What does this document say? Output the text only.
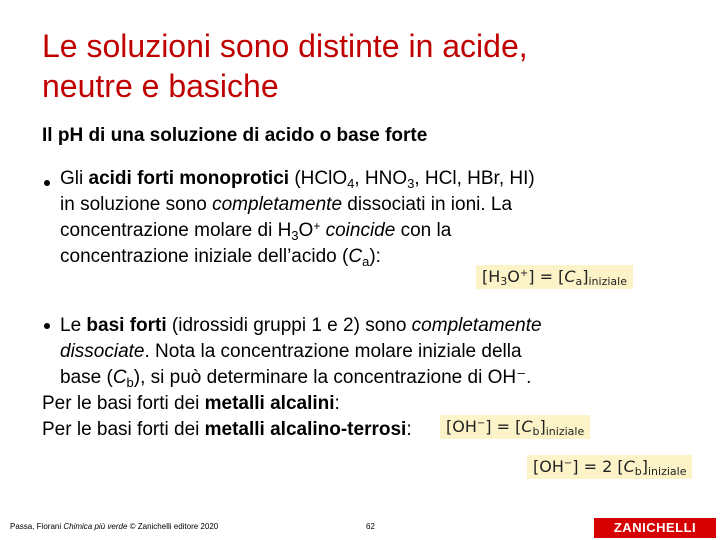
Le soluzioni sono distinte in acide,
neutre e basiche
Il pH di una soluzione di acido o base forte
Gli acidi forti monoprotici (HClO$_4$, $HNO_3$, HCl, HBr, HI)
in soluzione sono completamente dissociati in ioni. La
concentrazione molare di $H_3O^+$ coincide con la
concentrazione iniziale dell’acido $(C_a)$:
$[H_3O^+] = [C_a]_{iniziale}$
Le basi forti (idrossidi gruppi 1 e 2) sono completamente
dissociate. Nota la concentrazione molare iniziale della
base $(C_b)$, si può determinare la concentrazione di OH⁻.
Per le basi forti dei metalli alcalini:
Per le basi forti dei metalli alcalino-terrosi:	$[OH^-] = [C_b]_{iniziale}$
[OH−] = 2 $[C_b]_{iniziale}$
Passa, Fiorani Chimica più verde © Zanichelli editore 2020	62	ZANICHELLI
